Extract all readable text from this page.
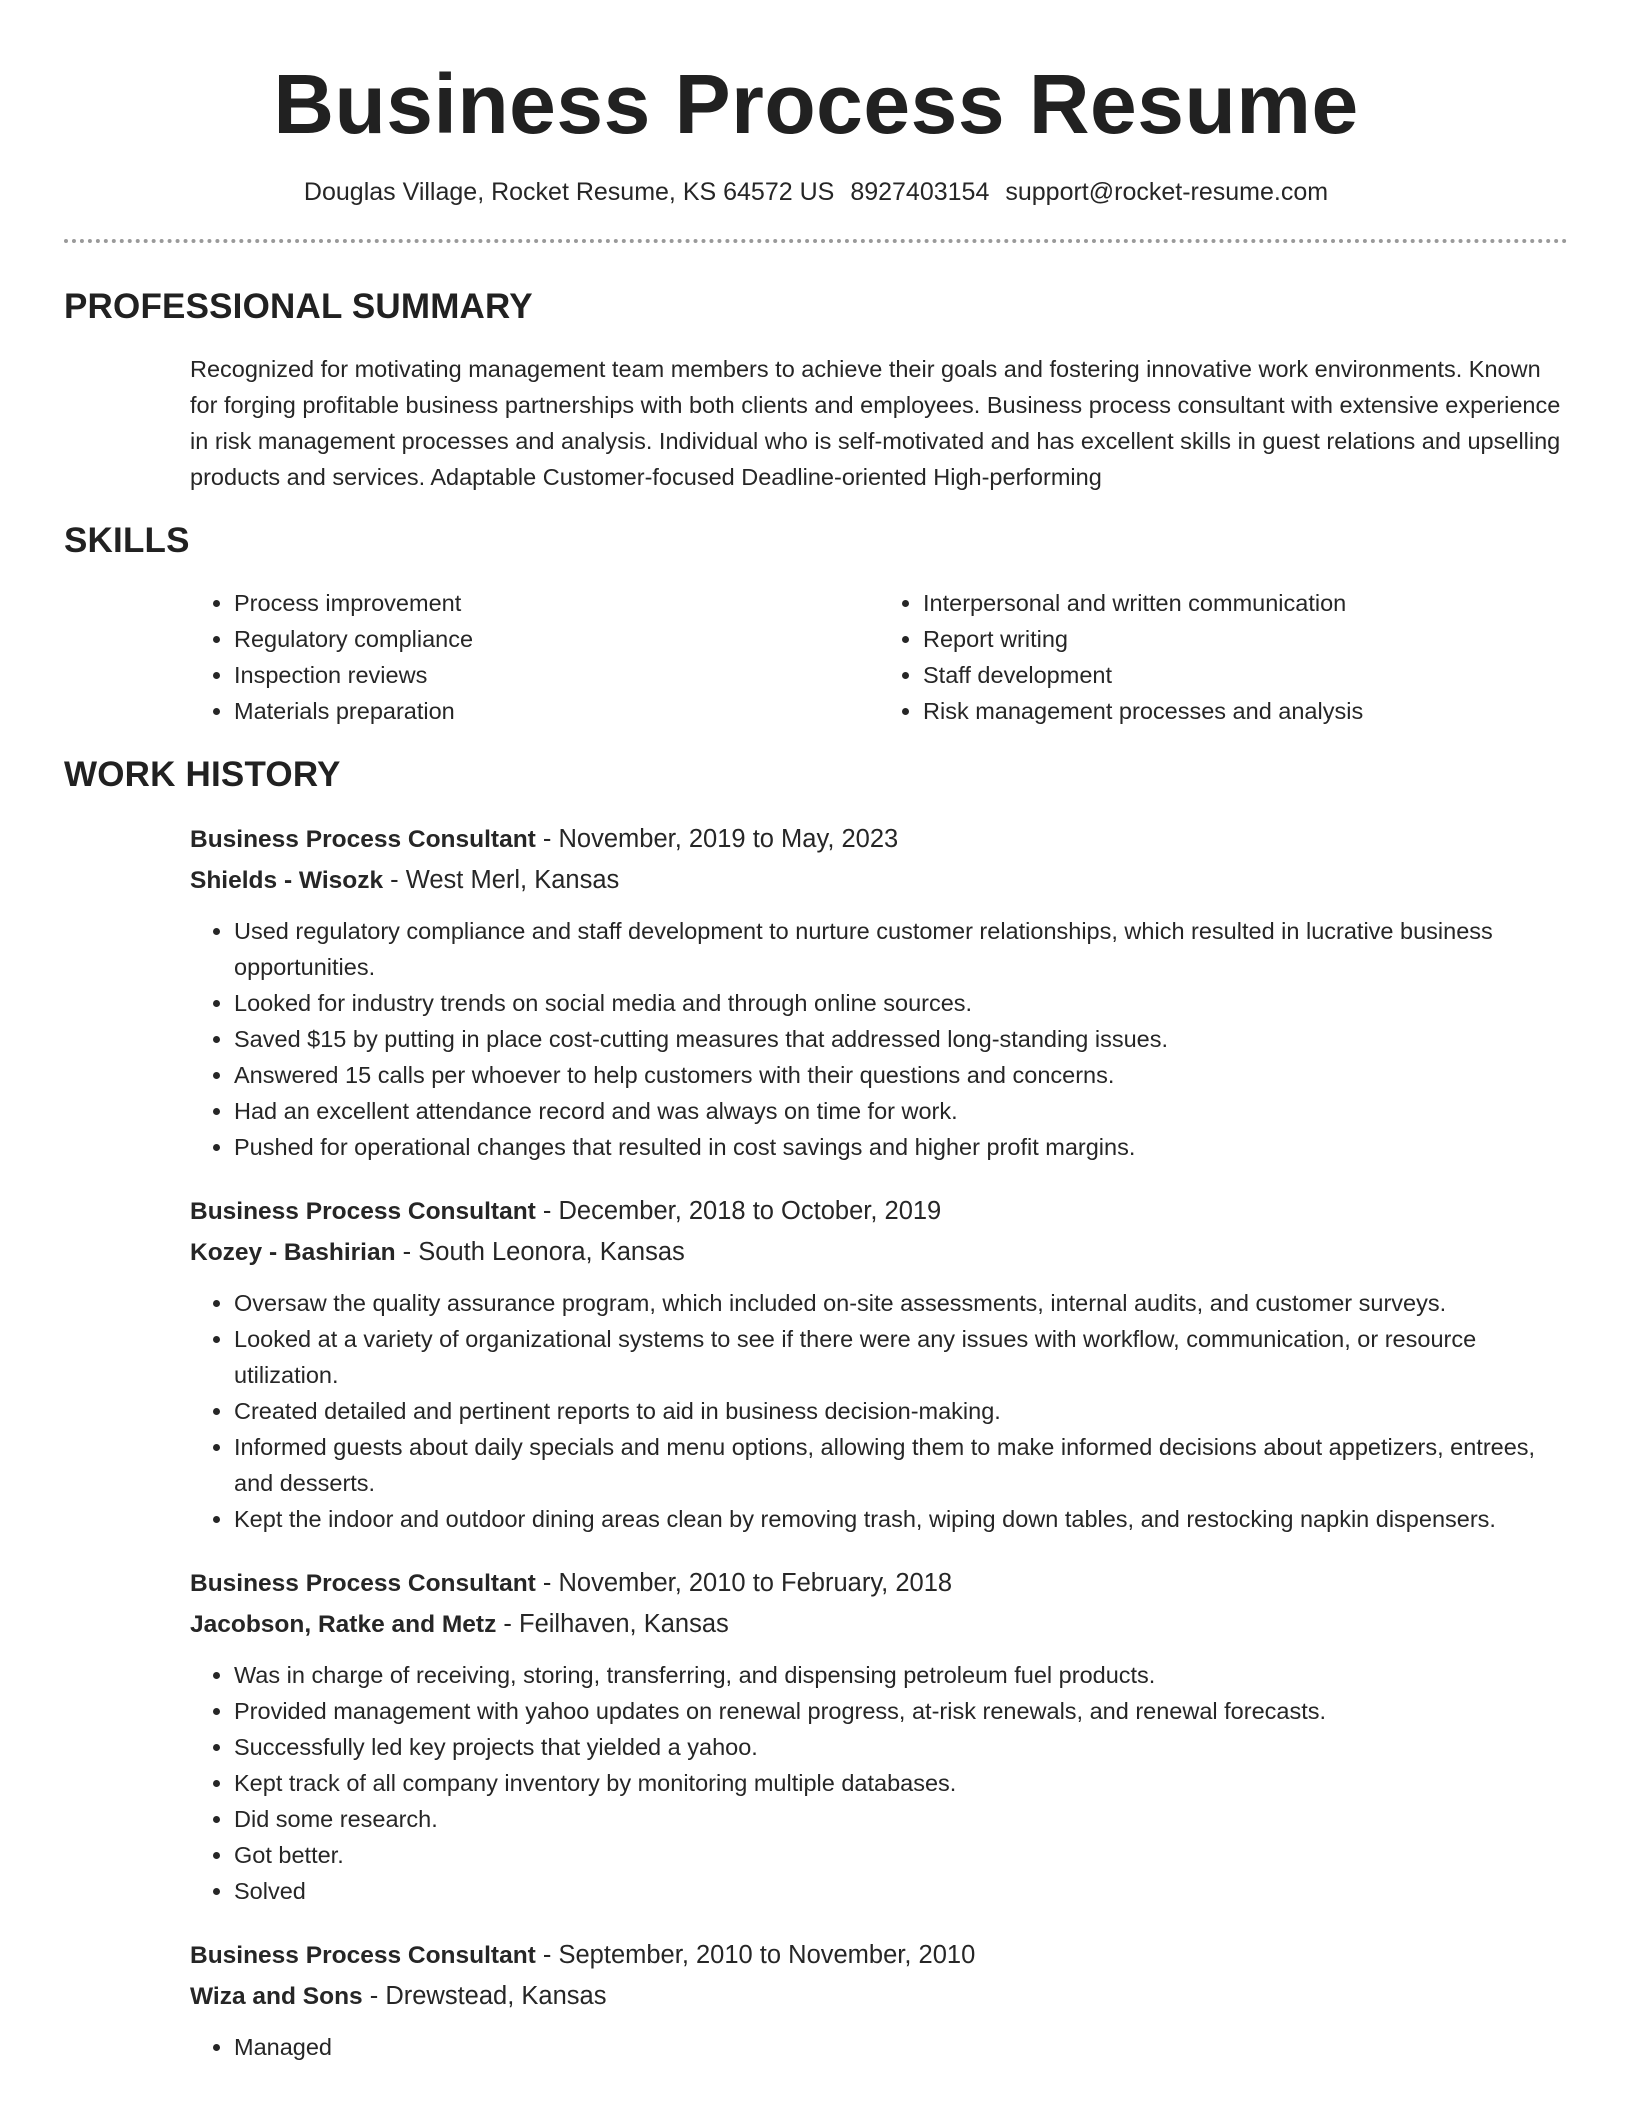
Business Process Resume
Douglas Village, Rocket Resume, KS 64572 US 8927403154 support@rocket-resume.com
PROFESSIONAL SUMMARY

Recognized for motivating management team members to achieve their goals and fostering innovative work environments. Known for forging profitable business partnerships with both clients and employees. Business process consultant with extensive experience in risk management processes and analysis. Individual who is self-motivated and has excellent skills in guest relations and upselling products and services. Adaptable Customer-focused Deadline-oriented High-performing

SKILLS
• Process improvement
• Regulatory compliance
• Inspection reviews
• Materials preparation
• Interpersonal and written communication
• Report writing
• Staff development
• Risk management processes and analysis
WORK HISTORY
Business Process Consultant - November, 2019 to May, 2023
Shields - Wisozk - West Merl, Kansas
• Used regulatory compliance and staff development to nurture customer relationships, which resulted in lucrative business opportunities.
• Looked for industry trends on social media and through online sources.
• Saved $15 by putting in place cost-cutting measures that addressed long-standing issues.
• Answered 15 calls per whoever to help customers with their questions and concerns.
• Had an excellent attendance record and was always on time for work.
• Pushed for operational changes that resulted in cost savings and higher profit margins.
Business Process Consultant - December, 2018 to October, 2019
Kozey - Bashirian - South Leonora, Kansas
• Oversaw the quality assurance program, which included on-site assessments, internal audits, and customer surveys.
• Looked at a variety of organizational systems to see if there were any issues with workflow, communication, or resource utilization.
• Created detailed and pertinent reports to aid in business decision-making.
• Informed guests about daily specials and menu options, allowing them to make informed decisions about appetizers, entrees, and desserts.
• Kept the indoor and outdoor dining areas clean by removing trash, wiping down tables, and restocking napkin dispensers.
Business Process Consultant - November, 2010 to February, 2018
Jacobson, Ratke and Metz - Feilhaven, Kansas
• Was in charge of receiving, storing, transferring, and dispensing petroleum fuel products.
• Provided management with yahoo updates on renewal progress, at-risk renewals, and renewal forecasts.
• Successfully led key projects that yielded a yahoo.
• Kept track of all company inventory by monitoring multiple databases.
• Did some research.
• Got better.
• Solved
Business Process Consultant - September, 2010 to November, 2010
Wiza and Sons - Drewstead, Kansas
• Managed
